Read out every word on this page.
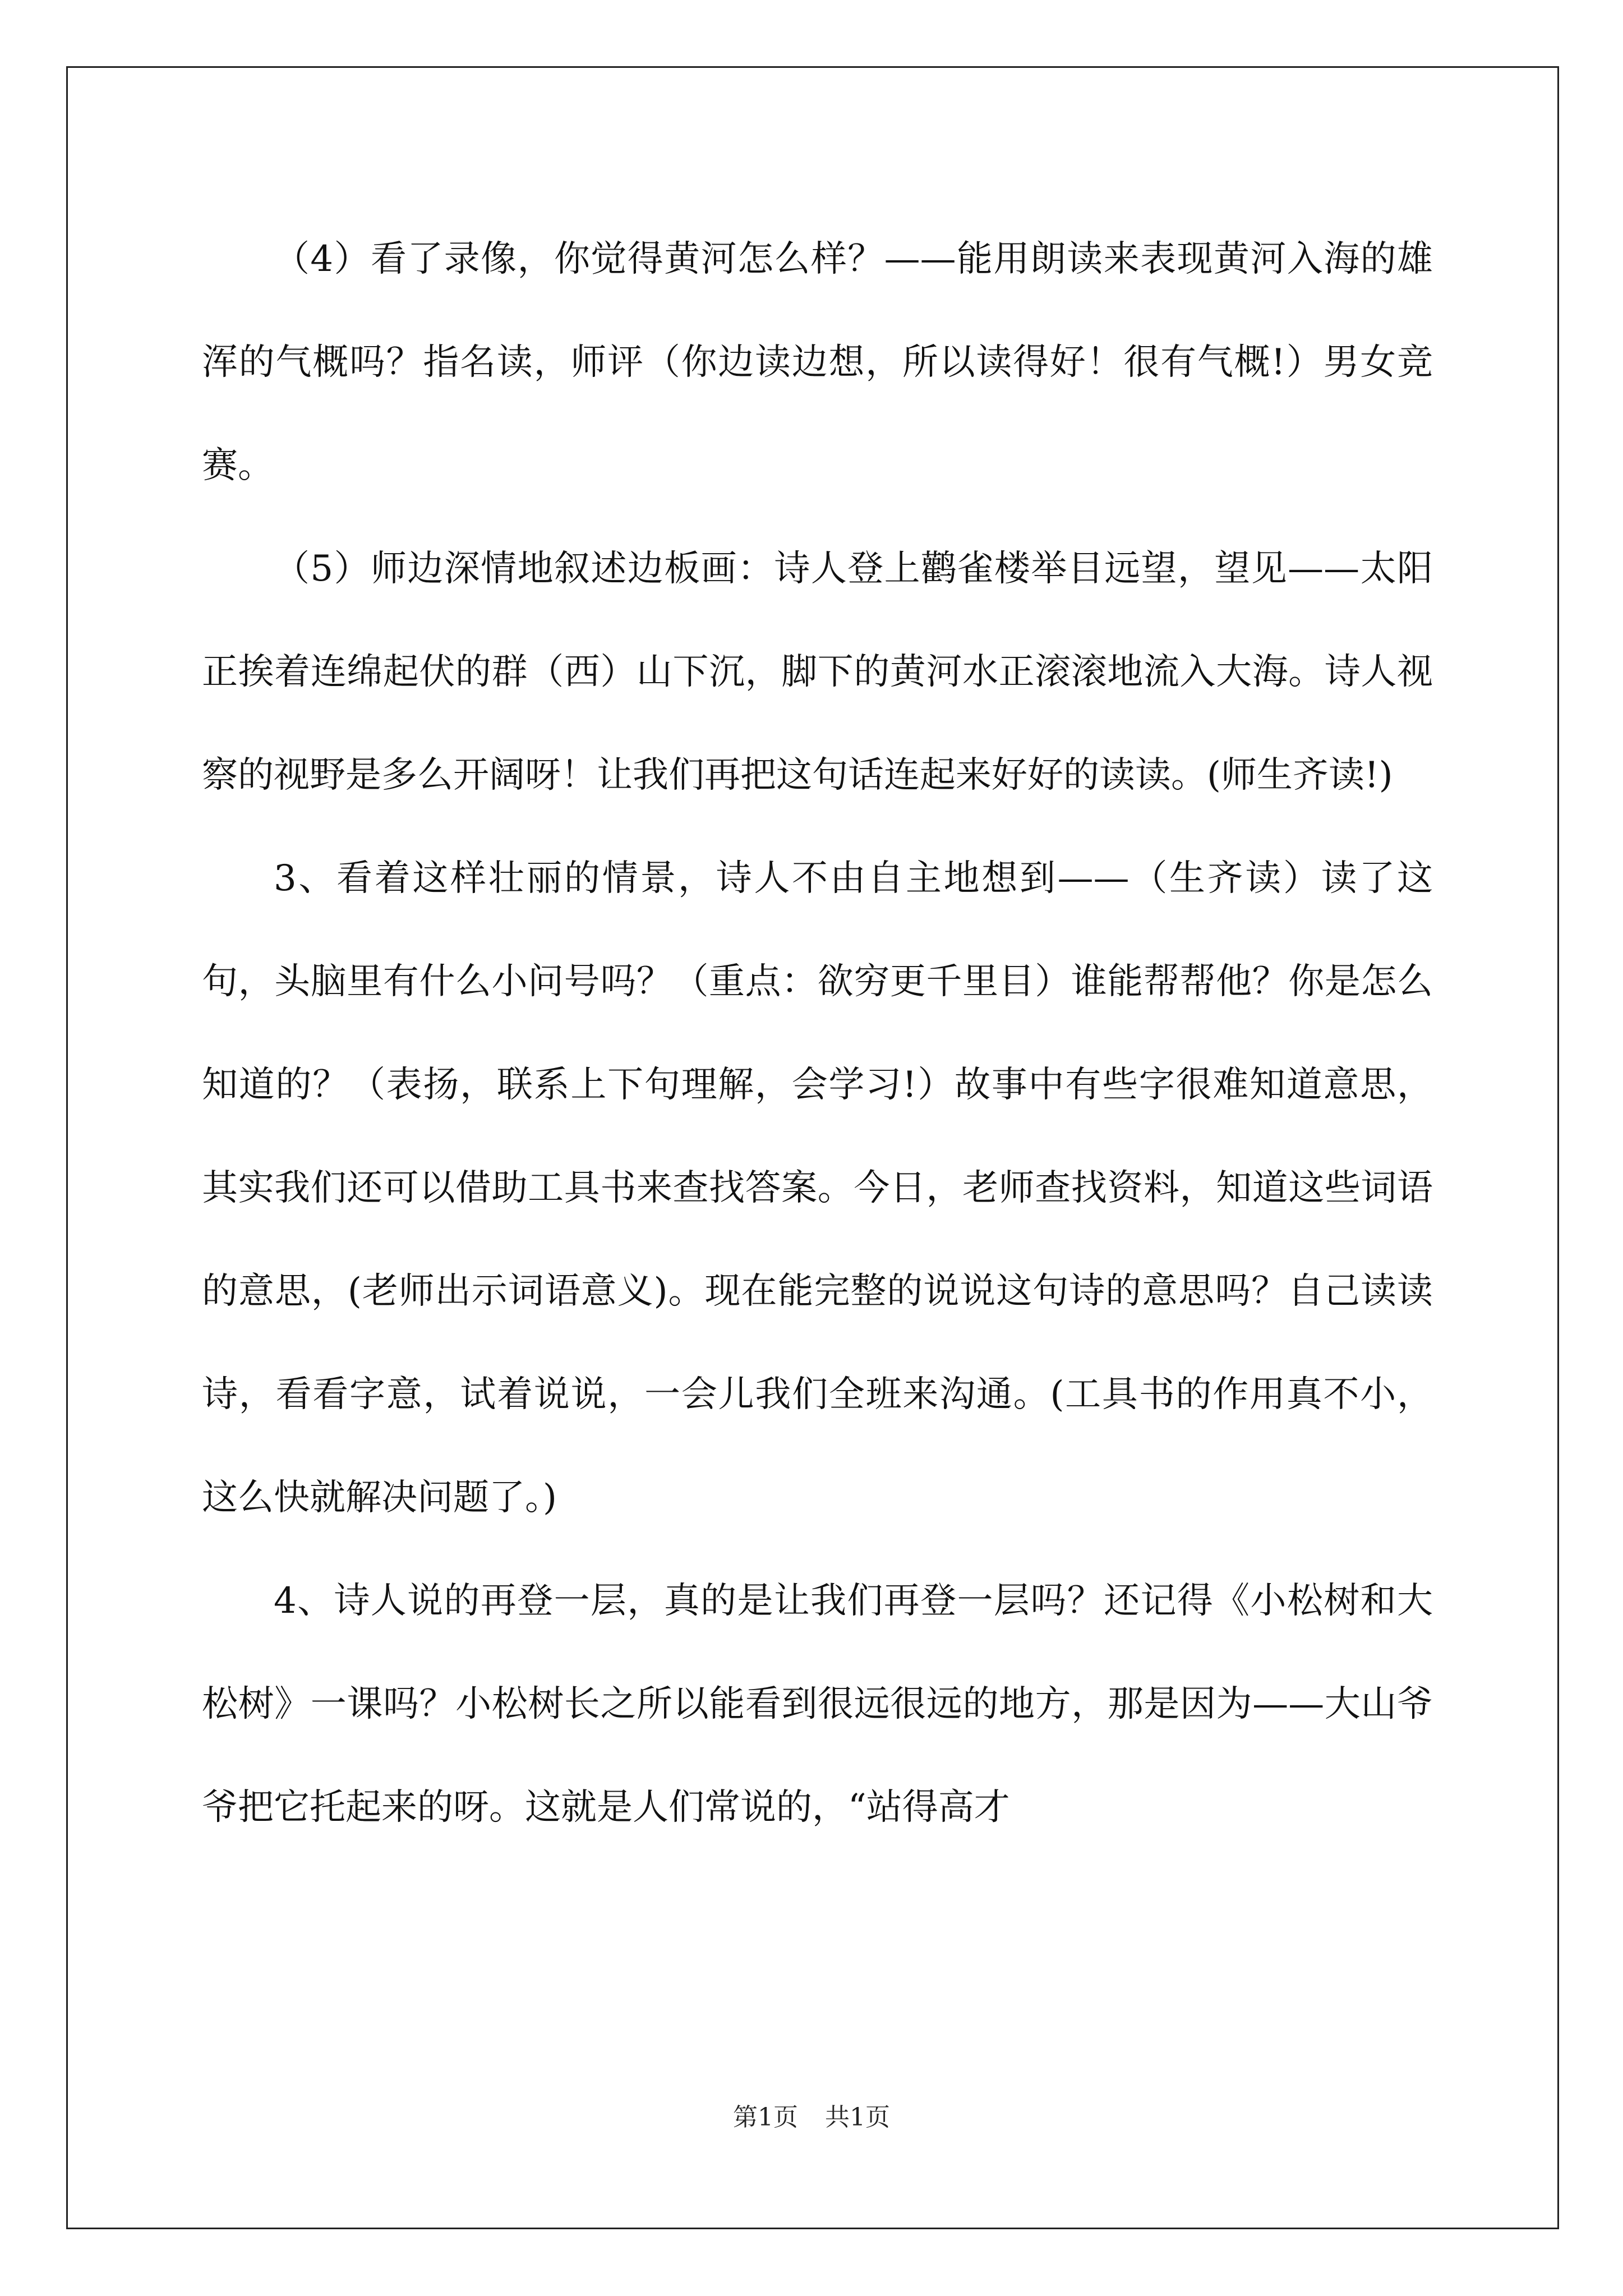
（4）看了录像，你觉得黄河怎么样？——能用朗读来表现黄河入海的雄浑的气概吗？指名读，师评（你边读边想，所以读得好！很有气概!）男女竞赛。

（5）师边深情地叙述边板画：诗人登上鹳雀楼举目远望，望见——太阳正挨着连绵起伏的群（西）山下沉，脚下的黄河水正滚滚地流入大海。诗人视察的视野是多么开阔呀！让我们再把这句话连起来好好的读读。(师生齐读!)

3、看着这样壮丽的情景，诗人不由自主地想到——（生齐读）读了这句，头脑里有什么小问号吗？（重点：欲穷更千里目）谁能帮帮他？你是怎么知道的？（表扬，联系上下句理解，会学习!）故事中有些字很难知道意思，其实我们还可以借助工具书来查找答案。今日，老师查找资料，知道这些词语的意思，(老师出示词语意义)。现在能完整的说说这句诗的意思吗？自己读读诗，看看字意，试着说说，一会儿我们全班来沟通。(工具书的作用真不小，这么快就解决问题了。)

4、诗人说的再登一层，真的是让我们再登一层吗？还记得《小松树和大松树》一课吗？小松树长之所以能看到很远很远的地方，那是因为——大山爷爷把它托起来的呀。这就是人们常说的，“站得高才

第1页 共1页
